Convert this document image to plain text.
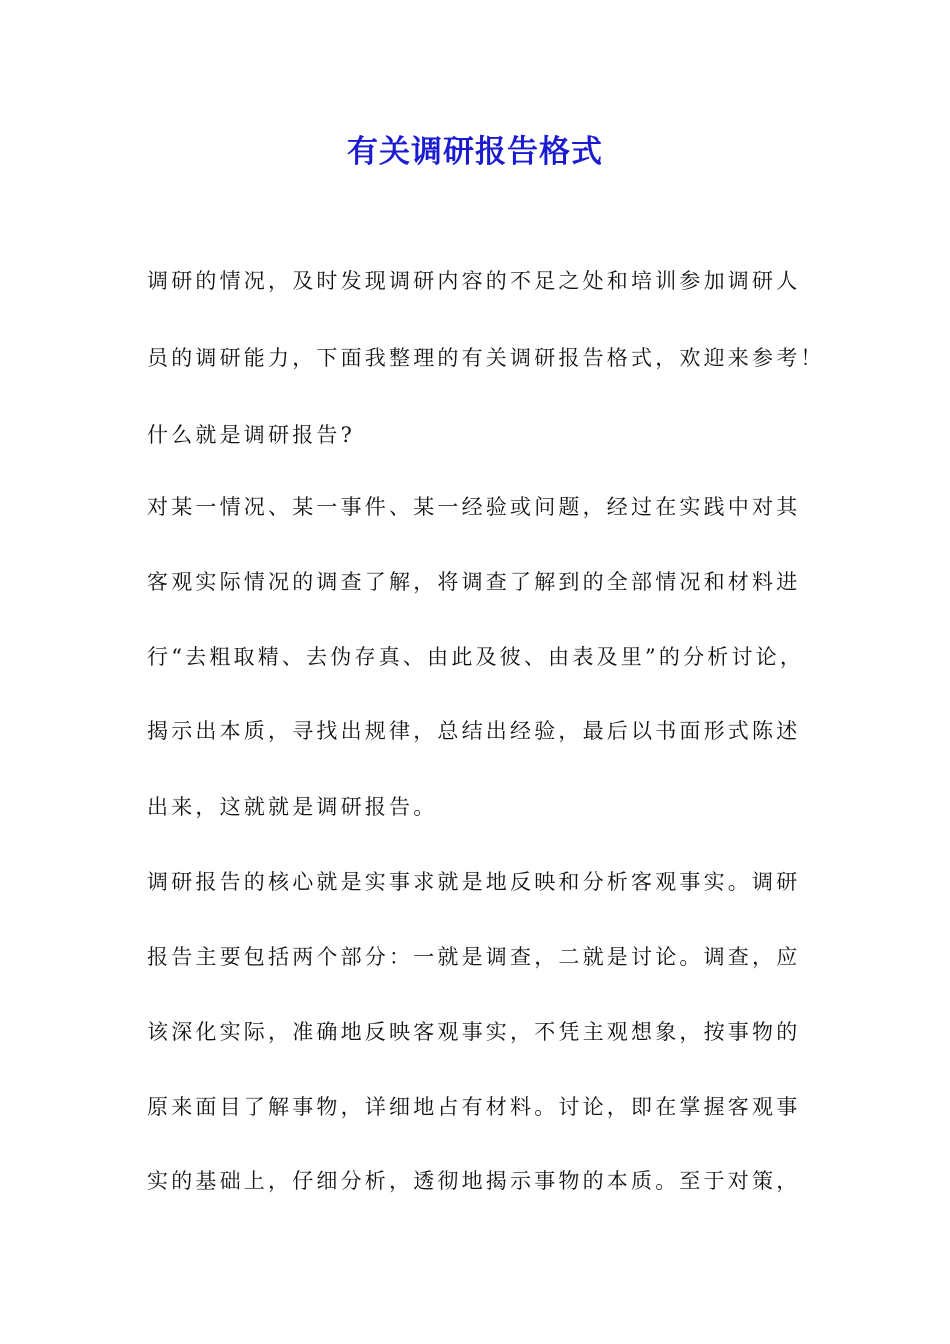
有关调研报告格式

调研的情况，及时发现调研内容的不足之处和培训参加调研人

员的调研能力，下面我整理的有关调研报告格式，欢迎来参考！

什么就是调研报告?

对某一情况、某一事件、某一经验或问题，经过在实践中对其

客观实际情况的调查了解，将调查了解到的全部情况和材料进

行“去粗取精、去伪存真、由此及彼、由表及里”的分析讨论，

揭示出本质，寻找出规律，总结出经验，最后以书面形式陈述

出来，这就就是调研报告。

调研报告的核心就是实事求就是地反映和分析客观事实。调研

报告主要包括两个部分：一就是调查，二就是讨论。调查，应

该深化实际，准确地反映客观事实，不凭主观想象，按事物的

原来面目了解事物，详细地占有材料。讨论，即在掌握客观事

实的基础上，仔细分析，透彻地揭示事物的本质。至于对策，
